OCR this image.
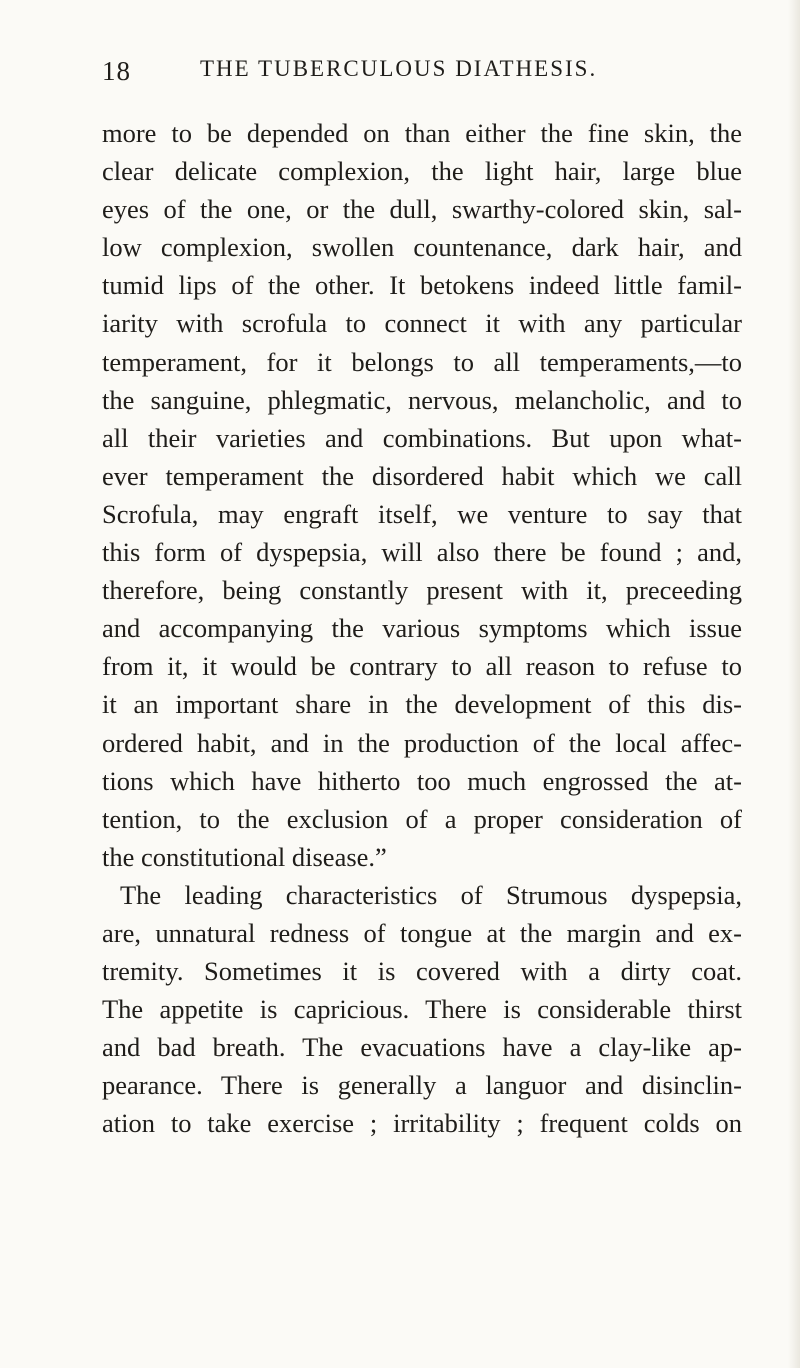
18	THE TUBERCULOUS DIATHESIS.
more to be depended on than either the fine skin, the
clear delicate complexion, the light hair, large blue
eyes of the one, or the dull, swarthy-colored skin, sal-
low complexion, swollen countenance, dark hair, and
tumid lips of the other. It betokens indeed little famil-
iarity with scrofula to connect it with any particular
temperament, for it belongs to all temperaments,—to
the sanguine, phlegmatic, nervous, melancholic, and to
all their varieties and combinations. But upon what-
ever temperament the disordered habit which we call
Scrofula, may engraft itself, we venture to say that
this form of dyspepsia, will also there be found ; and,
therefore, being constantly present with it, preceeding
and accompanying the various symptoms which issue
from it, it would be contrary to all reason to refuse to
it an important share in the development of this dis-
ordered habit, and in the production of the local affec-
tions which have hitherto too much engrossed the at-
tention, to the exclusion of a proper consideration of
the constitutional disease.”
The leading characteristics of Strumous dyspepsia,
are, unnatural redness of tongue at the margin and ex-
tremity. Sometimes it is covered with a dirty coat.
The appetite is capricious. There is considerable thirst
and bad breath. The evacuations have a clay-like ap-
pearance. There is generally a languor and disinclin-
ation to take exercise ; irritability ; frequent colds on
